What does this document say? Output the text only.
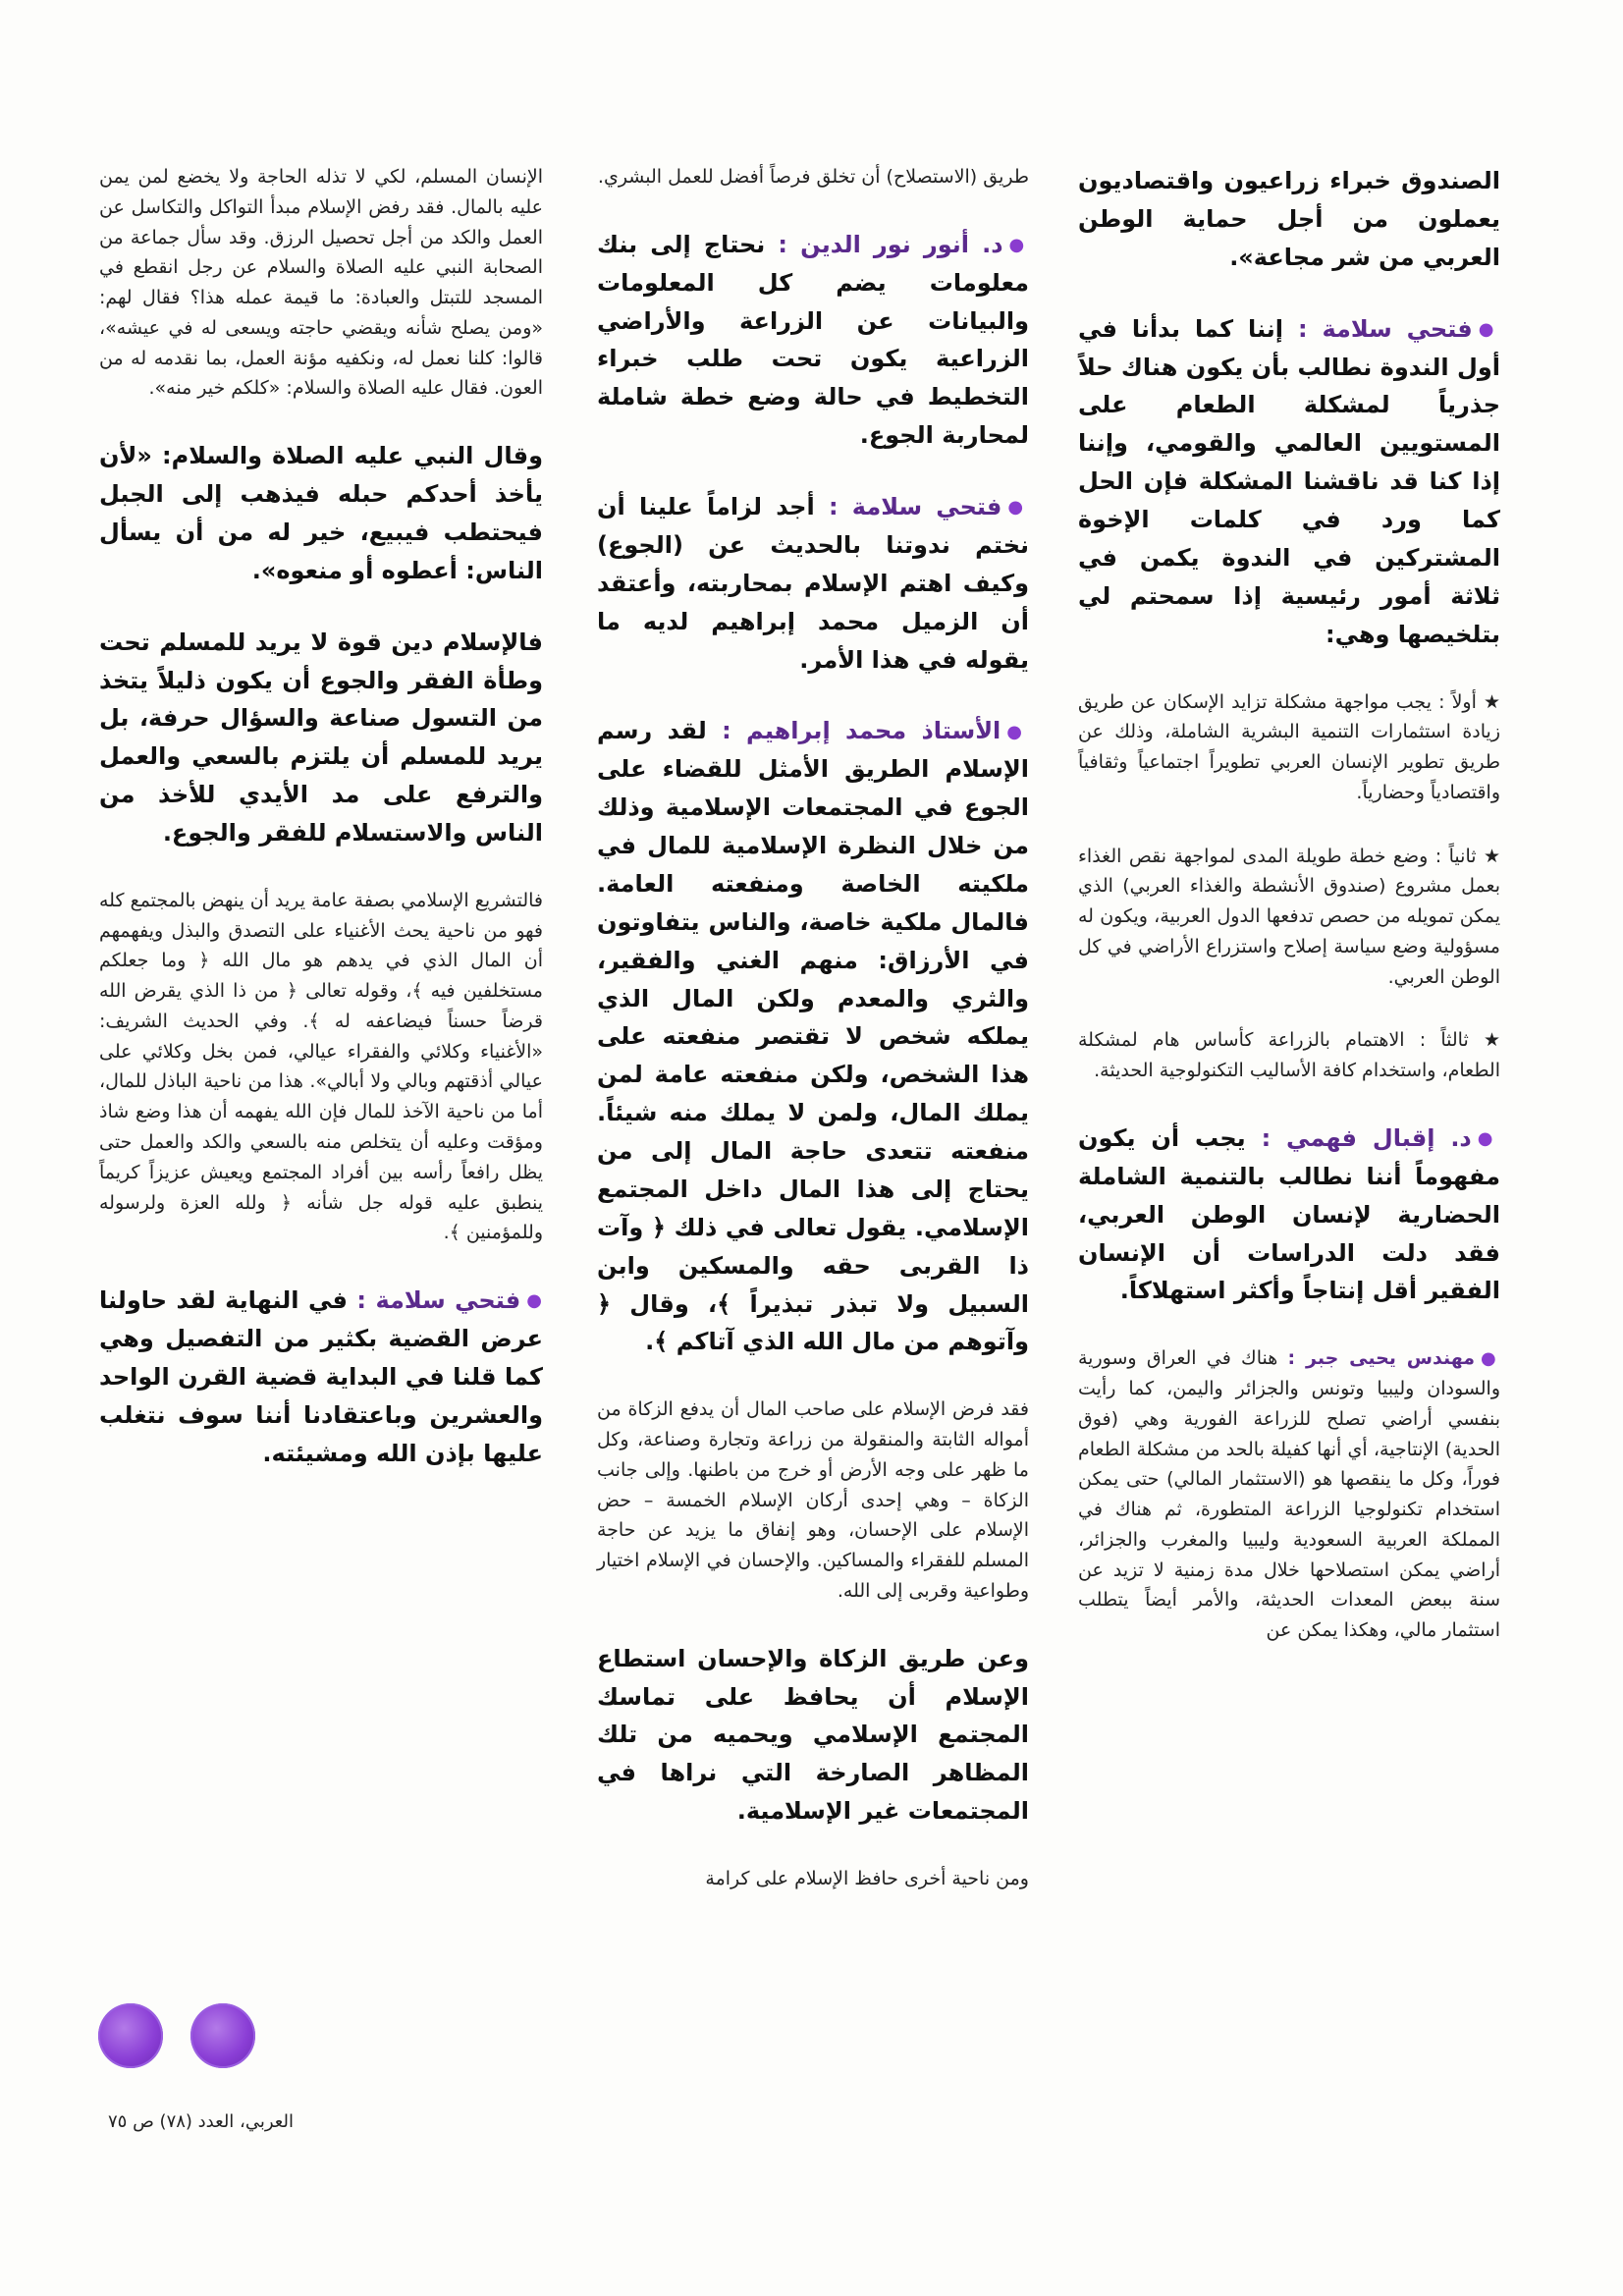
الصندوق خبراء زراعيون واقتصاديون يعملون من أجل حماية الوطن العربي من شر مجاعة».

● فتحي سلامة : إننا كما بدأنا في أول الندوة نطالب بأن يكون هناك حلاً جذرياً لمشكلة الطعام على المستويين العالمي والقومي، وإننا إذا كنا قد ناقشنا المشكلة فإن الحل كما ورد في كلمات الإخوة المشتركين في الندوة يكمن في ثلاثة أمور رئيسية إذا سمحتم لي بتلخيصها وهي:

★ أولاً : يجب مواجهة مشكلة تزايد الإسكان عن طريق زيادة استثمارات التنمية البشرية الشاملة، وذلك عن طريق تطوير الإنسان العربي تطويراً اجتماعياً وثقافياً واقتصادياً وحضارياً.

★ ثانياً : وضع خطة طويلة المدى لمواجهة نقص الغذاء بعمل مشروع (صندوق الأنشطة والغذاء العربي) الذي يمكن تمويله من حصص تدفعها الدول العربية، ويكون له مسؤولية وضع سياسة إصلاح واستزراع الأراضي في كل الوطن العربي.

★ ثالثاً : الاهتمام بالزراعة كأساس هام لمشكلة الطعام، واستخدام كافة الأساليب التكنولوجية الحديثة.

● د. إقبال فهمي : يجب أن يكون مفهوماً أننا نطالب بالتنمية الشاملة الحضارية لإنسان الوطن العربي، فقد دلت الدراسات أن الإنسان الفقير أقل إنتاجاً وأكثر استهلاكاً.

● مهندس يحيى جبر : هناك في العراق وسورية والسودان وليبيا وتونس والجزائر واليمن، كما رأيت بنفسي أراضي تصلح للزراعة الفورية وهي (فوق الحدية) الإنتاجية، أي أنها كفيلة بالحد من مشكلة الطعام فوراً، وكل ما ينقصها هو (الاستثمار المالي) حتى يمكن استخدام تكنولوجيا الزراعة المتطورة، ثم هناك في المملكة العربية السعودية وليبيا والمغرب والجزائر، أراضي يمكن استصلاحها خلال مدة زمنية لا تزيد عن سنة ببعض المعدات الحديثة، والأمر أيضاً يتطلب استثمار مالي، وهكذا يمكن عن

طريق (الاستصلاح) أن تخلق فرصاً أفضل للعمل البشري.

● د. أنور نور الدين : نحتاج إلى بنك معلومات يضم كل المعلومات والبيانات عن الزراعة والأراضي الزراعية يكون تحت طلب خبراء التخطيط في حالة وضع خطة شاملة لمحاربة الجوع.

● فتحي سلامة : أجد لزاماً علينا أن نختم ندوتنا بالحديث عن (الجوع) وكيف اهتم الإسلام بمحاربته، وأعتقد أن الزميل محمد إبراهيم لديه ما يقوله في هذا الأمر.

● الأستاذ محمد إبراهيم : لقد رسم الإسلام الطريق الأمثل للقضاء على الجوع في المجتمعات الإسلامية وذلك من خلال النظرة الإسلامية للمال في ملكيته الخاصة ومنفعته العامة. فالمال ملكية خاصة، والناس يتفاوتون في الأرزاق: منهم الغني والفقير، والثري والمعدم ولكن المال الذي يملكه شخص لا تقتصر منفعته على هذا الشخص، ولكن منفعته عامة لمن يملك المال، ولمن لا يملك منه شيئاً. منفعته تتعدى حاجة المال إلى من يحتاج إلى هذا المال داخل المجتمع الإسلامي. يقول تعالى في ذلك ﴿ وآت ذا القربى حقه والمسكين وابن السبيل ولا تبذر تبذيراً ﴾، وقال ﴿ وآتوهم من مال الله الذي آتاكم ﴾.

فقد فرض الإسلام على صاحب المال أن يدفع الزكاة من أمواله الثابتة والمنقولة من زراعة وتجارة وصناعة، وكل ما ظهر على وجه الأرض أو خرج من باطنها. وإلى جانب الزكاة – وهي إحدى أركان الإسلام الخمسة – حض الإسلام على الإحسان، وهو إنفاق ما يزيد عن حاجة المسلم للفقراء والمساكين. والإحسان في الإسلام اختيار وطواعية وقربى إلى الله.

وعن طريق الزكاة والإحسان استطاع الإسلام أن يحافظ على تماسك المجتمع الإسلامي ويحميه من تلك المظاهر الصارخة التي نراها في المجتمعات غير الإسلامية.

ومن ناحية أخرى حافظ الإسلام على كرامة

الإنسان المسلم، لكي لا تذله الحاجة ولا يخضع لمن يمن عليه بالمال. فقد رفض الإسلام مبدأ التواكل والتكاسل عن العمل والكد من أجل تحصيل الرزق. وقد سأل جماعة من الصحابة النبي عليه الصلاة والسلام عن رجل انقطع في المسجد للتبتل والعبادة: ما قيمة عمله هذا؟ فقال لهم: «ومن يصلح شأنه ويقضي حاجته ويسعى له في عيشه»، قالوا: كلنا نعمل له، ونكفيه مؤنة العمل، بما نقدمه له من العون. فقال عليه الصلاة والسلام: «كلكم خير منه».

وقال النبي عليه الصلاة والسلام: «لأن يأخذ أحدكم حبله فيذهب إلى الجبل فيحتطب فيبيع، خير له من أن يسأل الناس: أعطوه أو منعوه».

فالإسلام دين قوة لا يريد للمسلم تحت وطأة الفقر والجوع أن يكون ذليلاً يتخذ من التسول صناعة والسؤال حرفة، بل يريد للمسلم أن يلتزم بالسعي والعمل والترفع على مد الأيدي للأخذ من الناس والاستسلام للفقر والجوع.

فالتشريع الإسلامي بصفة عامة يريد أن ينهض بالمجتمع كله فهو من ناحية يحث الأغنياء على التصدق والبذل ويفهمهم أن المال الذي في يدهم هو مال الله ﴿ وما جعلكم مستخلفين فيه ﴾، وقوله تعالى ﴿ من ذا الذي يقرض الله قرضاً حسناً فيضاعفه له ﴾. وفي الحديث الشريف: «الأغنياء وكلائي والفقراء عيالي، فمن بخل وكلائي على عيالي أذقتهم وبالي ولا أبالي». هذا من ناحية الباذل للمال، أما من ناحية الآخذ للمال فإن الله يفهمه أن هذا وضع شاذ ومؤقت وعليه أن يتخلص منه بالسعي والكد والعمل حتى يظل رافعاً رأسه بين أفراد المجتمع ويعيش عزيزاً كريماً ينطبق عليه قوله جل شأنه ﴿ ولله العزة ولرسوله وللمؤمنين ﴾.

● فتحي سلامة : في النهاية لقد حاولنا عرض القضية بكثير من التفصيل وهي كما قلنا في البداية قضية القرن الواحد والعشرين وباعتقادنا أننا سوف نتغلب عليها بإذن الله ومشيئته.

العربي، العدد (٧٨) ص ٧٥
